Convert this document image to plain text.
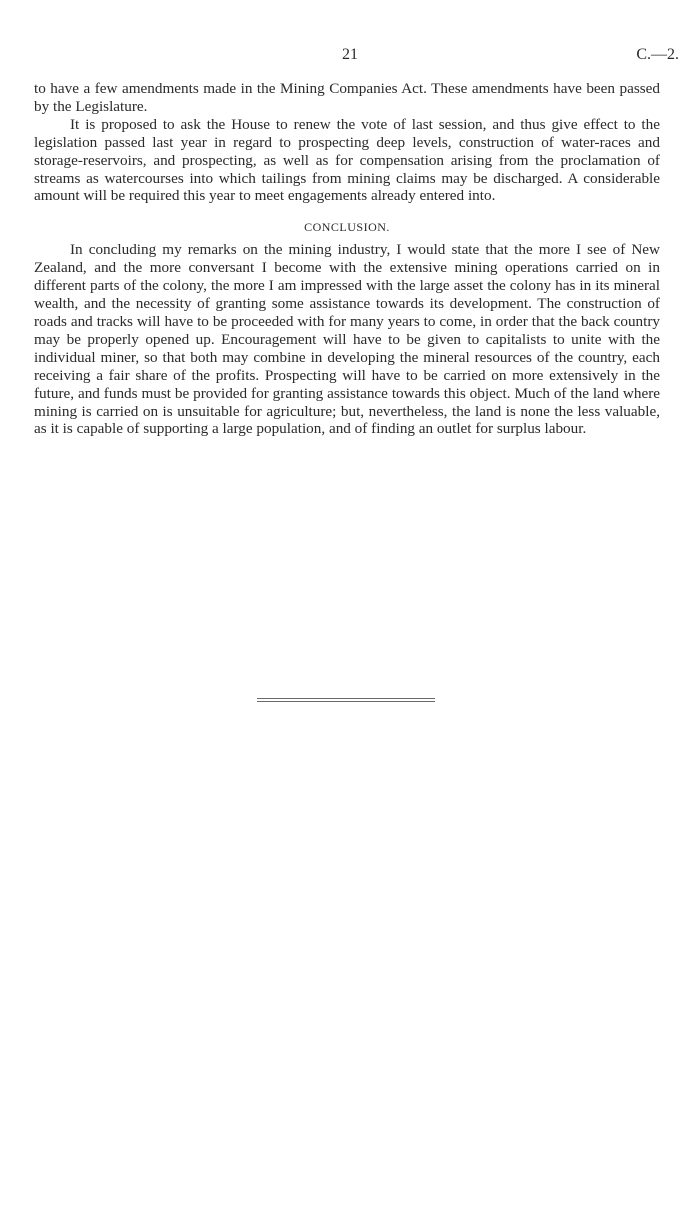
21	C.—2.

to have a few amendments made in the Mining Companies Act. These amendments have been passed by the Legislature.

It is proposed to ask the House to renew the vote of last session, and thus give effect to the legislation passed last year in regard to prospecting deep levels, construction of water-races and storage-reservoirs, and prospecting, as well as for compensation arising from the proclamation of streams as watercourses into which tailings from mining claims may be discharged. A considerable amount will be required this year to meet engagements already entered into.

CONCLUSION.

In concluding my remarks on the mining industry, I would state that the more I see of New Zealand, and the more conversant I become with the extensive mining operations carried on in different parts of the colony, the more I am impressed with the large asset the colony has in its mineral wealth, and the necessity of granting some assistance towards its development. The construction of roads and tracks will have to be proceeded with for many years to come, in order that the back country may be properly opened up. Encouragement will have to be given to capitalists to unite with the individual miner, so that both may combine in developing the mineral resources of the country, each receiving a fair share of the profits. Prospecting will have to be carried on more extensively in the future, and funds must be provided for granting assistance towards this object. Much of the land where mining is carried on is unsuitable for agriculture; but, nevertheless, the land is none the less valuable, as it is capable of supporting a large population, and of finding an outlet for surplus labour.
